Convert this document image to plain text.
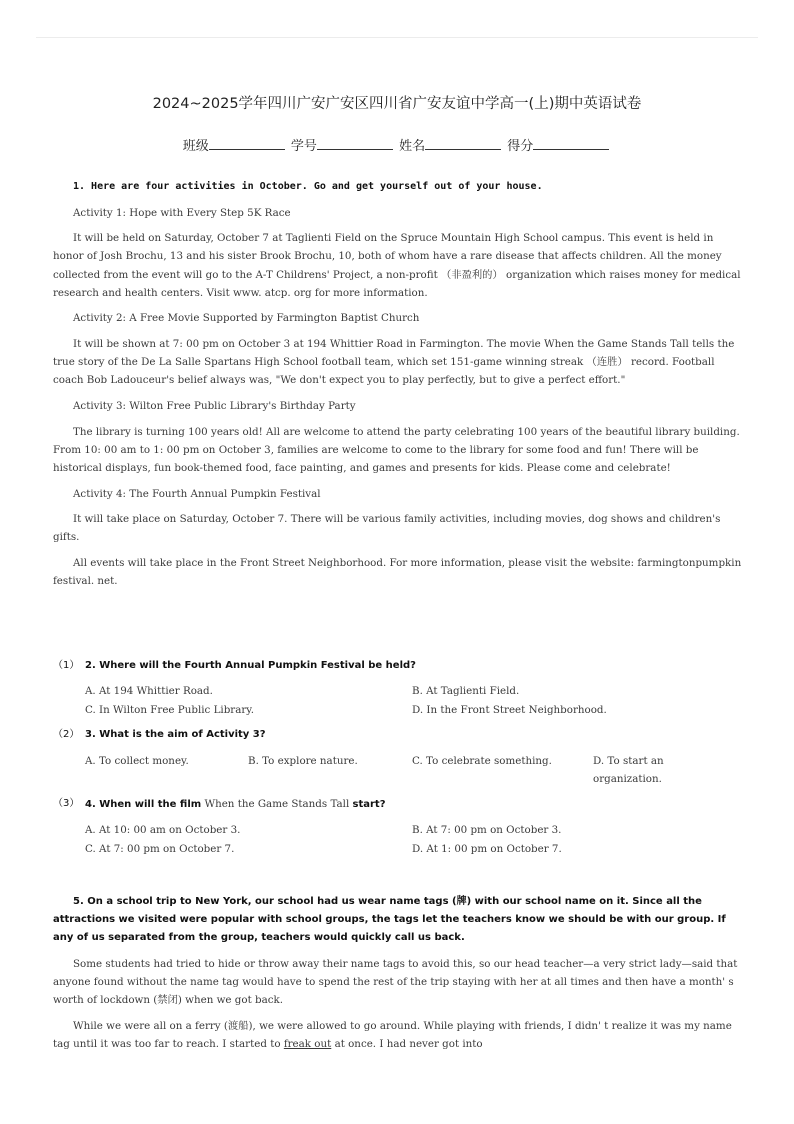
2024~2025学年四川广安广安区四川省广安友谊中学高一(上)期中英语试卷
班级	学号	姓名	得分

1. Here are four activities in October. Go and get yourself out of your house.

Activity 1: Hope with Every Step 5K Race

It will be held on Saturday, October 7 at Taglienti Field on the Spruce Mountain High School campus. This event is held in honor of Josh Brochu, 13 and his sister Brook Brochu, 10, both of whom have a rare disease that affects children. All the money collected from the event will go to the A-T Childrens' Project, a non-profit （非盈利的） organization which raises money for medical research and health centers. Visit www. atcp. org for more information.

Activity 2: A Free Movie Supported by Farmington Baptist Church

It will be shown at 7: 00 pm on October 3 at 194 Whittier Road in Farmington. The movie When the Game Stands Tall tells the true story of the De La Salle Spartans High School football team, which set 151-game winning streak （连胜） record. Football coach Bob Ladouceur's belief always was, "We don't expect you to play perfectly, but to give a perfect effort."

Activity 3: Wilton Free Public Library's Birthday Party

The library is turning 100 years old! All are welcome to attend the party celebrating 100 years of the beautiful library building. From 10: 00 am to 1: 00 pm on October 3, families are welcome to come to the library for some food and fun! There will be historical displays, fun book-themed food, face painting, and games and presents for kids. Please come and celebrate!

Activity 4: The Fourth Annual Pumpkin Festival

It will take place on Saturday, October 7. There will be various family activities, including movies, dog shows and children's gifts.

All events will take place in the Front Street Neighborhood. For more information, please visit the website: farmingtonpumpkin festival. net.

（1） 2. Where will the Fourth Annual Pumpkin Festival be held?
A. At 194 Whittier Road.	B. At Taglienti Field.
C. In Wilton Free Public Library.	D. In the Front Street Neighborhood.
（2） 3. What is the aim of Activity 3?
A. To collect money.	B. To explore nature.	C. To celebrate something.	D. To start an
organization.
（3） 4. When will the film When the Game Stands Tall start?
A. At 10: 00 am on October 3.	B. At 7: 00 pm on October 3.
C. At 7: 00 pm on October 7.	D. At 1: 00 pm on October 7.

5. On a school trip to New York, our school had us wear name tags (牌) with our school name on it. Since all the attractions we visited were popular with school groups, the tags let the teachers know we should be with our group. If any of us separated from the group, teachers would quickly call us back.

Some students had tried to hide or throw away their name tags to avoid this, so our head teacher—a very strict lady—said that anyone found without the name tag would have to spend the rest of the trip staying with her at all times and then have a month' s worth of lockdown (禁闭) when we got back.

While we were all on a ferry (渡船), we were allowed to go around. While playing with friends, I didn' t realize it was my name tag until it was too far to reach. I started to freak out at once. I had never got into
